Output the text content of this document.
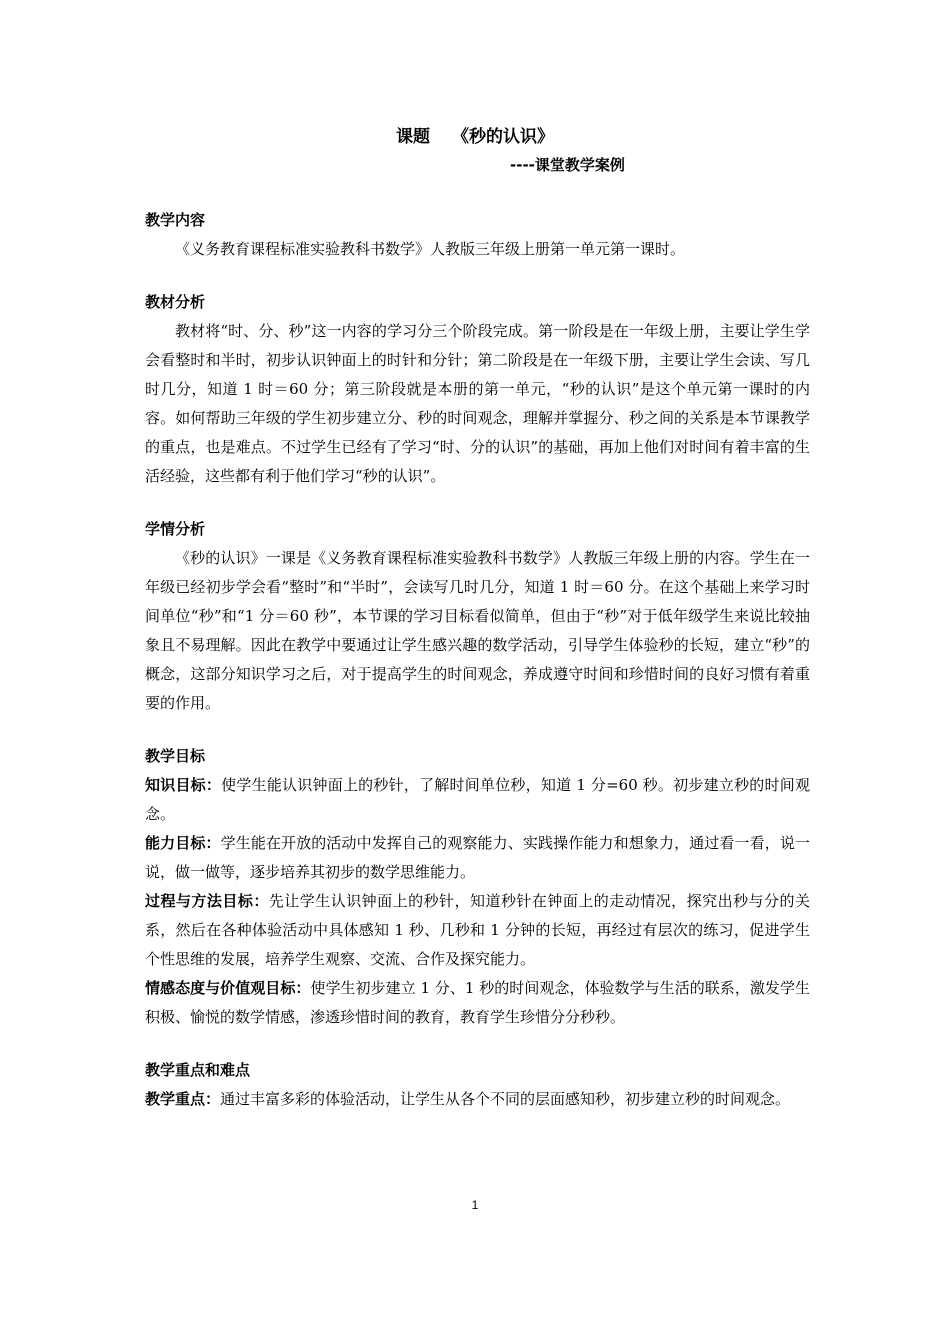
课题 《秒的认识》
----课堂教学案例
教学内容

《义务教育课程标准实验教科书数学》人教版三年级上册第一单元第一课时。

教材分析

教材将“时、分、秒”这一内容的学习分三个阶段完成。第一阶段是在一年级上册，主要让学生学会看整时和半时，初步认识钟面上的时针和分针；第二阶段是在一年级下册，主要让学生会读、写几时几分，知道 1 时＝60 分；第三阶段就是本册的第一单元，“秒的认识”是这个单元第一课时的内容。如何帮助三年级的学生初步建立分、秒的时间观念，理解并掌握分、秒之间的关系是本节课教学的重点，也是难点。不过学生已经有了学习“时、分的认识”的基础，再加上他们对时间有着丰富的生活经验，这些都有利于他们学习“秒的认识”。

学情分析

《秒的认识》一课是《义务教育课程标准实验教科书数学》人教版三年级上册的内容。学生在一年级已经初步学会看“整时”和“半时”，会读写几时几分，知道 1 时＝60 分。在这个基础上来学习时间单位“秒”和“1 分＝60 秒”，本节课的学习目标看似简单，但由于“秒”对于低年级学生来说比较抽象且不易理解。因此在教学中要通过让学生感兴趣的数学活动，引导学生体验秒的长短，建立“秒”的概念，这部分知识学习之后，对于提高学生的时间观念，养成遵守时间和珍惜时间的良好习惯有着重要的作用。

教学目标

知识目标：使学生能认识钟面上的秒针，了解时间单位秒，知道 1 分=60 秒。初步建立秒的时间观念。

能力目标：学生能在开放的活动中发挥自己的观察能力、实践操作能力和想象力，通过看一看，说一说，做一做等，逐步培养其初步的数学思维能力。

过程与方法目标：先让学生认识钟面上的秒针，知道秒针在钟面上的走动情况，探究出秒与分的关系，然后在各种体验活动中具体感知 1 秒、几秒和 1 分钟的长短，再经过有层次的练习，促进学生个性思维的发展，培养学生观察、交流、合作及探究能力。

情感态度与价值观目标：使学生初步建立 1 分、1 秒的时间观念，体验数学与生活的联系，激发学生积极、愉悦的数学情感，渗透珍惜时间的教育，教育学生珍惜分分秒秒。

教学重点和难点

教学重点：通过丰富多彩的体验活动，让学生从各个不同的层面感知秒，初步建立秒的时间观念。

1
